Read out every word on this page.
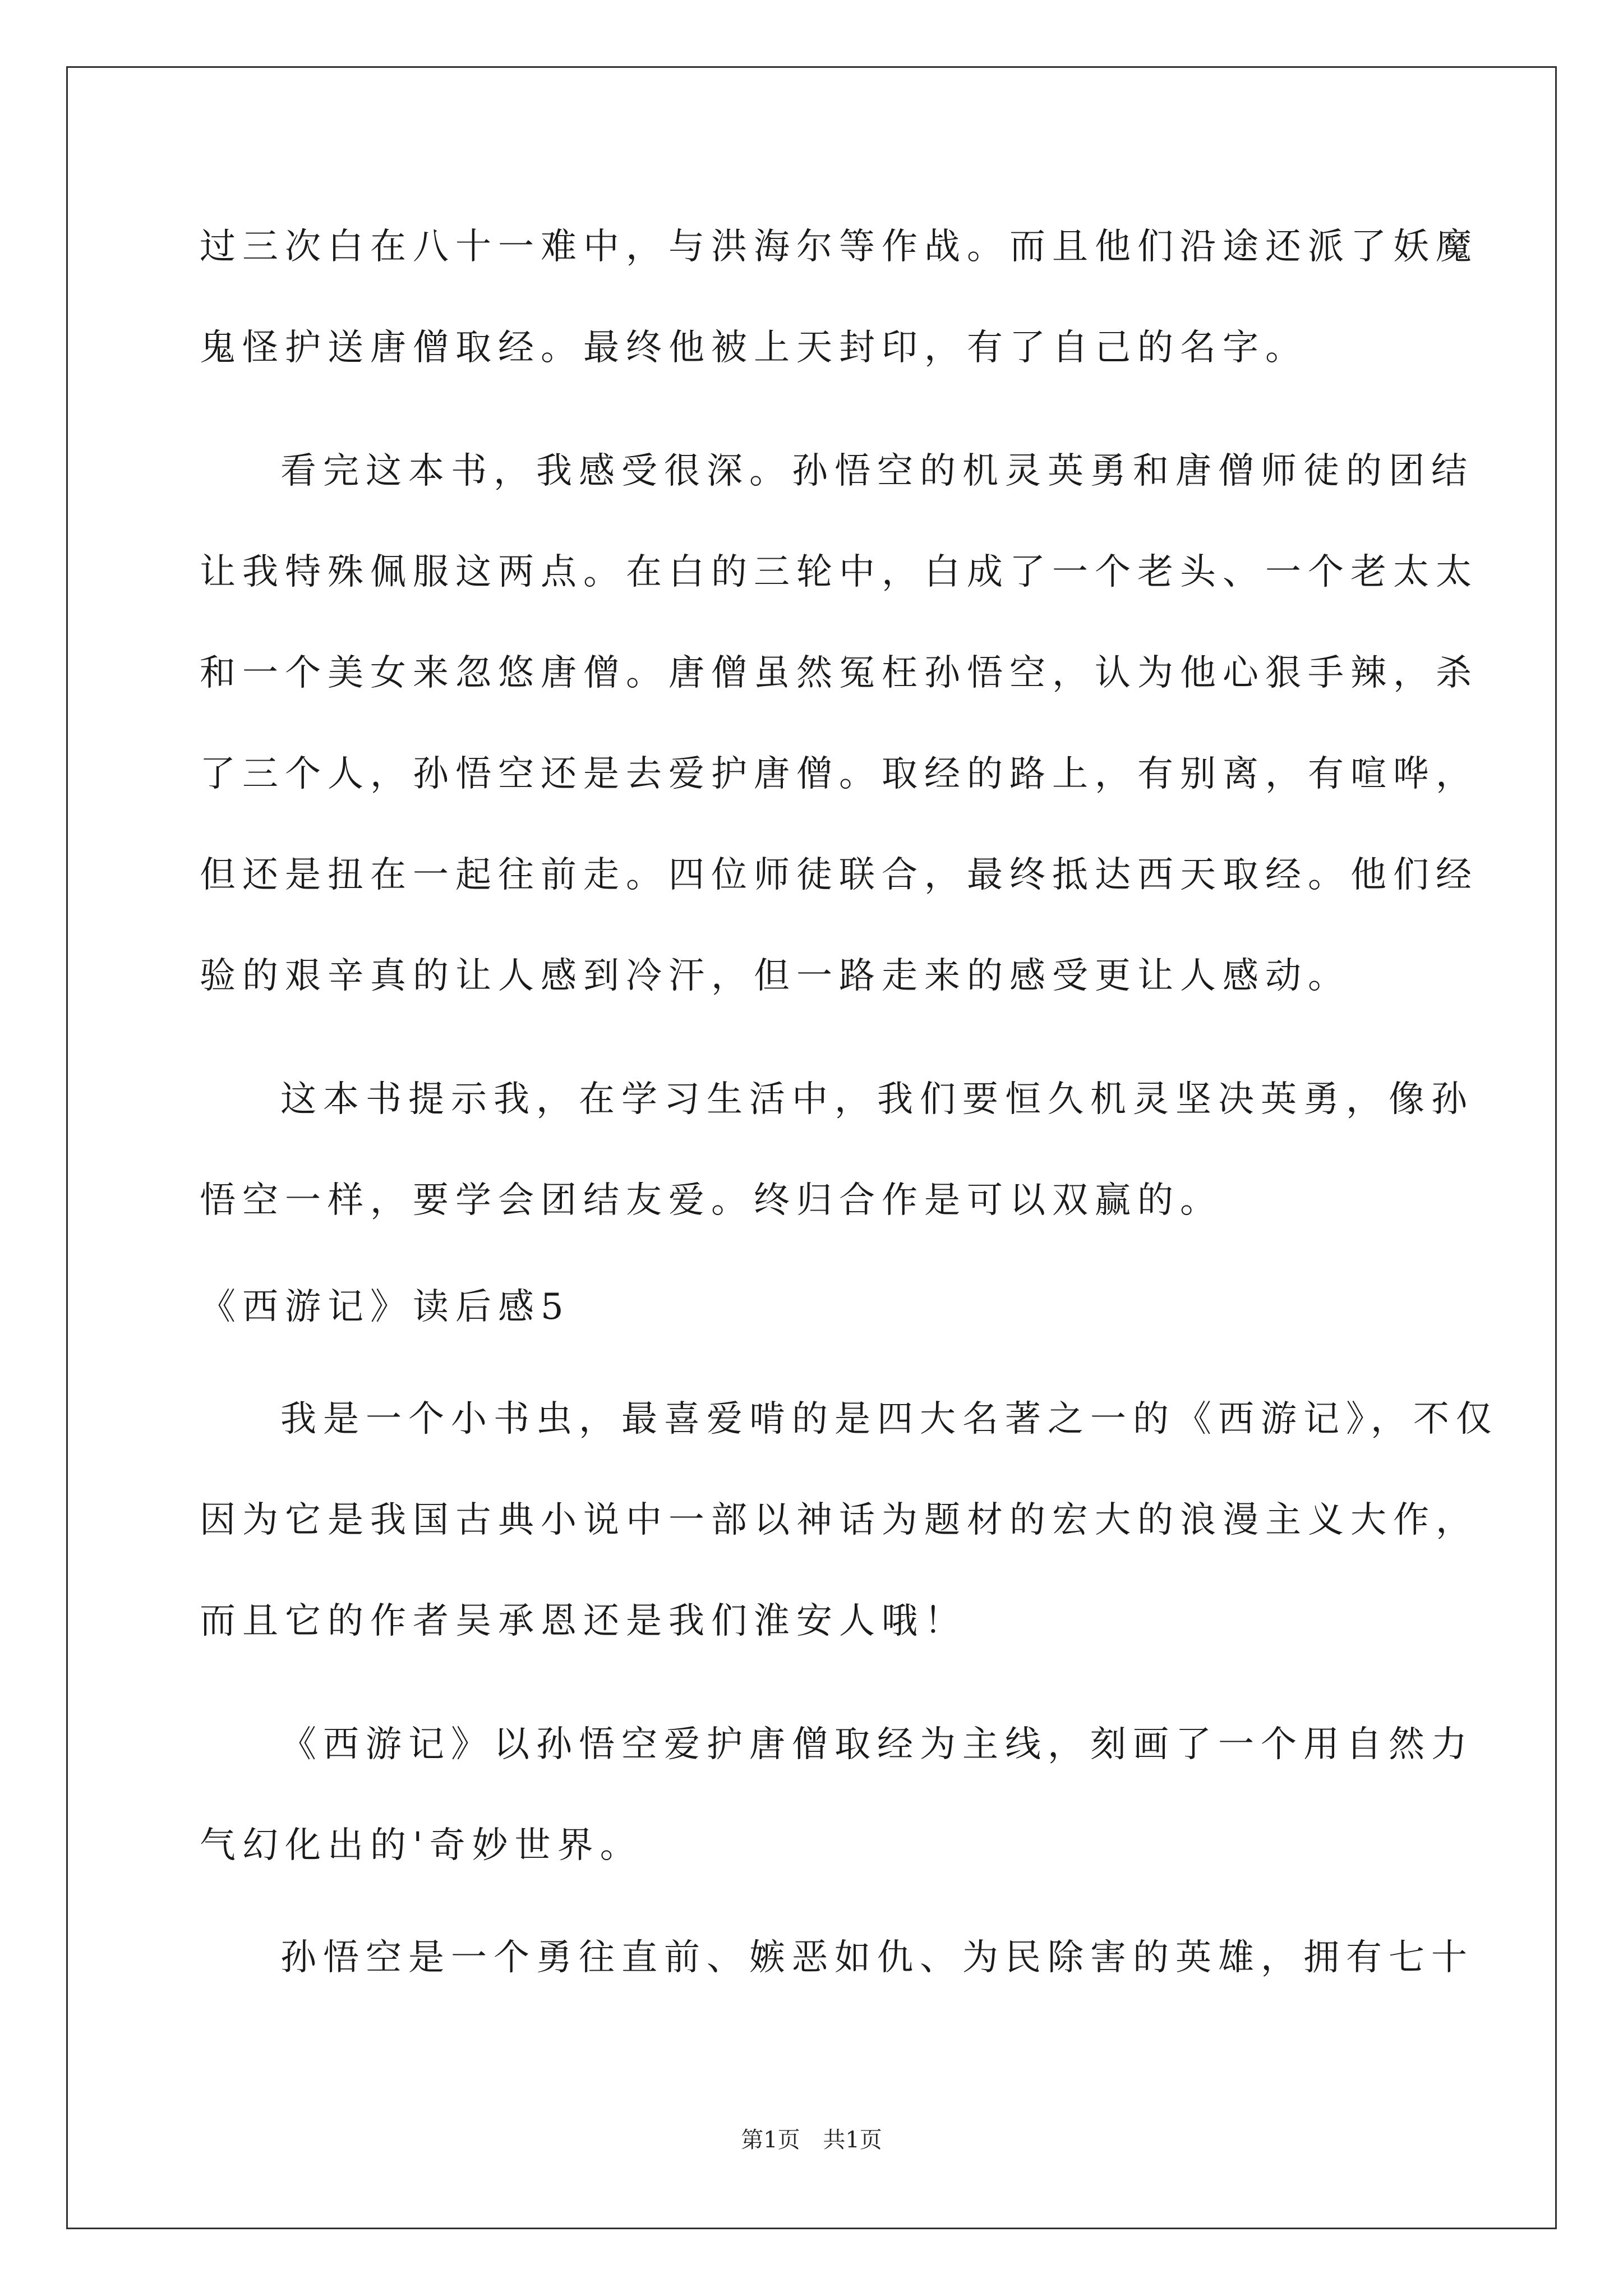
过三次白在八十一难中，与洪海尔等作战。而且他们沿途还派了妖魔
鬼怪护送唐僧取经。最终他被上天封印，有了自己的名字。
看完这本书，我感受很深。孙悟空的机灵英勇和唐僧师徒的团结
让我特殊佩服这两点。在白的三轮中，白成了一个老头、一个老太太
和一个美女来忽悠唐僧。唐僧虽然冤枉孙悟空，认为他心狠手辣，杀
了三个人，孙悟空还是去爱护唐僧。取经的路上，有别离，有喧哗，
但还是扭在一起往前走。四位师徒联合，最终抵达西天取经。他们经
验的艰辛真的让人感到冷汗，但一路走来的感受更让人感动。
这本书提示我，在学习生活中，我们要恒久机灵坚决英勇，像孙
悟空一样，要学会团结友爱。终归合作是可以双赢的。
《西游记》读后感5
我是一个小书虫，最喜爱啃的是四大名著之一的《西游记》，不仅
因为它是我国古典小说中一部以神话为题材的宏大的浪漫主义大作，
而且它的作者吴承恩还是我们淮安人哦！
《西游记》以孙悟空爱护唐僧取经为主线，刻画了一个用自然力
气幻化出的'奇妙世界。
孙悟空是一个勇往直前、嫉恶如仇、为民除害的英雄，拥有七十
第1页 共1页
